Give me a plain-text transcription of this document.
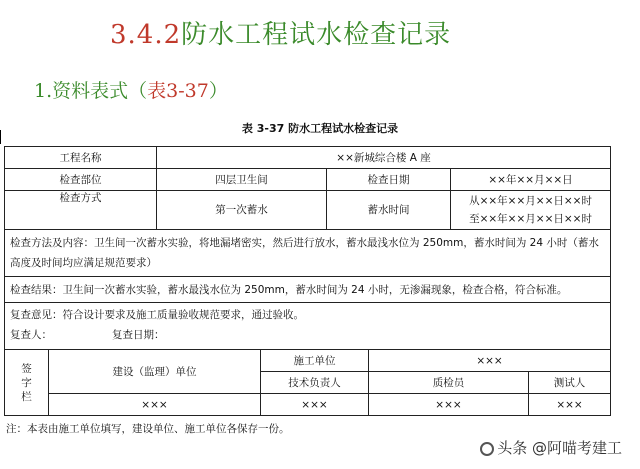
3.4.2防水工程试水检查记录
1.资料表式（表3-37）
表 3-37 防水工程试水检查记录
工程名称		××新城综合楼 A 座					
检查部位		四层卫生间		检查日期		××年××月××日	
检查方式		第一次蓄水		蓄水时间		从××年××月××日××时
至××年××月××日××时	

检查方法及内容：卫生间一次蓄水实验，将地漏堵密实，然后进行放水，蓄水最浅水位为 250mm，蓄水时间为 24 小时（蓄水高度及时间均应满足规范要求）							
检查结果：卫生间一次蓄水实验，蓄水最浅水位为 250mm，蓄水时间为 24 小时，无渗漏现象，检查合格，符合标准。							

复查意见：符合设计要求及施工质量验收规范要求，通过验收。
复查人： 复查日期：							

签
字
栏	建设（监理）单位		施工单位		×××		
			技术负责人		质检员		测试人
	×××		×××		×××		×××
注：本表由施工单位填写，建设单位、施工单位各保存一份。
头条 @阿喵考建工
